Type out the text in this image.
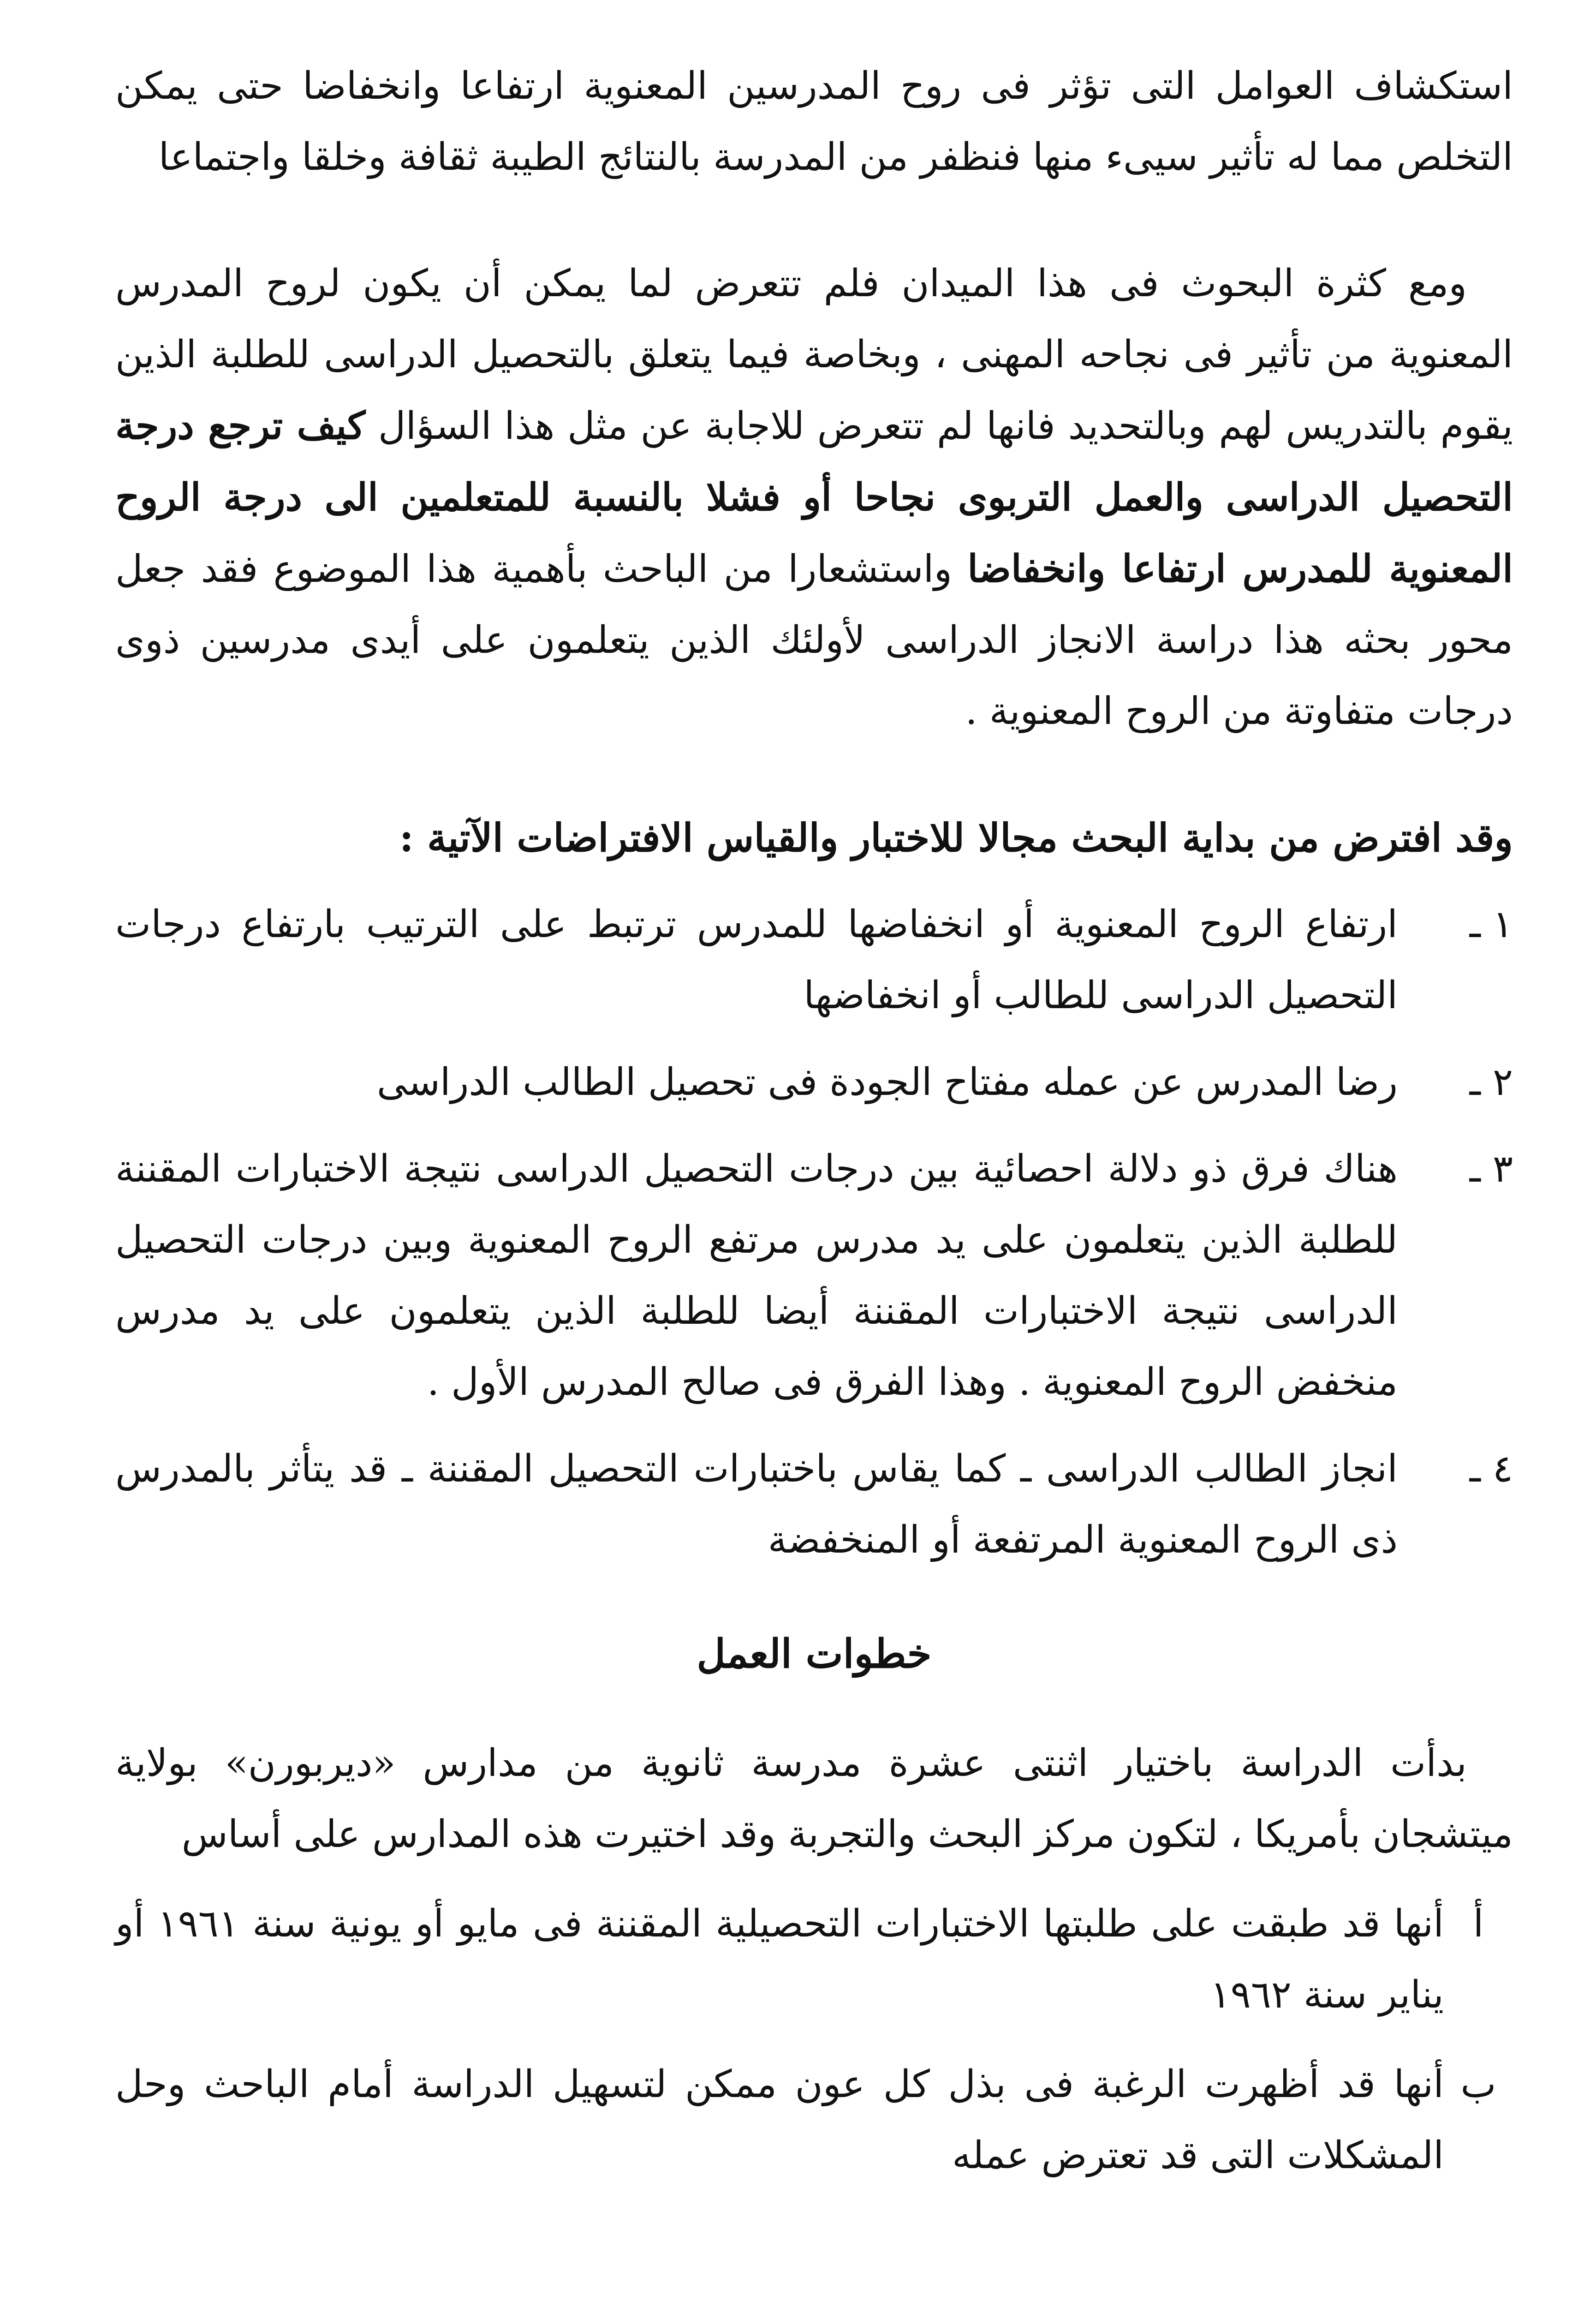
استكشاف العوامل التى تؤثر فى روح المدرسين المعنوية ارتفاعا وانخفاضا حتى يمكن التخلص مما له تأثير سيىء منها فنظفر من المدرسة بالنتائج الطيبة ثقافة وخلقا واجتماعا

ومع كثرة البحوث فى هذا الميدان فلم تتعرض لما يمكن أن يكون لروح المدرس المعنوية من تأثير فى نجاحه المهنى ، وبخاصة فيما يتعلق بالتحصيل الدراسى للطلبة الذين يقوم بالتدريس لهم وبالتحديد فانها لم تتعرض للاجابة عن مثل هذا السؤال كيف ترجع درجة التحصيل الدراسى والعمل التربوى نجاحا أو فشلا بالنسبة للمتعلمين الى درجة الروح المعنوية للمدرس ارتفاعا وانخفاضا واستشعارا من الباحث بأهمية هذا الموضوع فقد جعل محور بحثه هذا دراسة الانجاز الدراسى لأولئك الذين يتعلمون على أيدى مدرسين ذوى درجات متفاوتة من الروح المعنوية .

وقد افترض من بداية البحث مجالا للاختبار والقياس الافتراضات الآتية :

١ ـ
ارتفاع الروح المعنوية أو انخفاضها للمدرس ترتبط على الترتيب بارتفاع درجات التحصيل الدراسى للطالب أو انخفاضها
٢ ـ
رضا المدرس عن عمله مفتاح الجودة فى تحصيل الطالب الدراسى
٣ ـ
هناك فرق ذو دلالة احصائية بين درجات التحصيل الدراسى نتيجة الاختبارات المقننة للطلبة الذين يتعلمون على يد مدرس مرتفع الروح المعنوية وبين درجات التحصيل الدراسى نتيجة الاختبارات المقننة أيضا للطلبة الذين يتعلمون على يد مدرس منخفض الروح المعنوية . وهذا الفرق فى صالح المدرس الأول .
٤ ـ
انجاز الطالب الدراسى ـ كما يقاس باختبارات التحصيل المقننة ـ قد يتأثر بالمدرس ذى الروح المعنوية المرتفعة أو المنخفضة
خطوات العمل

بدأت الدراسة باختيار اثنتى عشرة مدرسة ثانوية من مدارس «ديربورن» بولاية ميتشجان بأمريكا ، لتكون مركز البحث والتجربة وقد اختيرت هذه المدارس على أساس

أ
أنها قد طبقت على طلبتها الاختبارات التحصيلية المقننة فى مايو أو يونية سنة ١٩٦١ أو يناير سنة ١٩٦٢
ب
أنها قد أظهرت الرغبة فى بذل كل عون ممكن لتسهيل الدراسة أمام الباحث وحل المشكلات التى قد تعترض عمله
